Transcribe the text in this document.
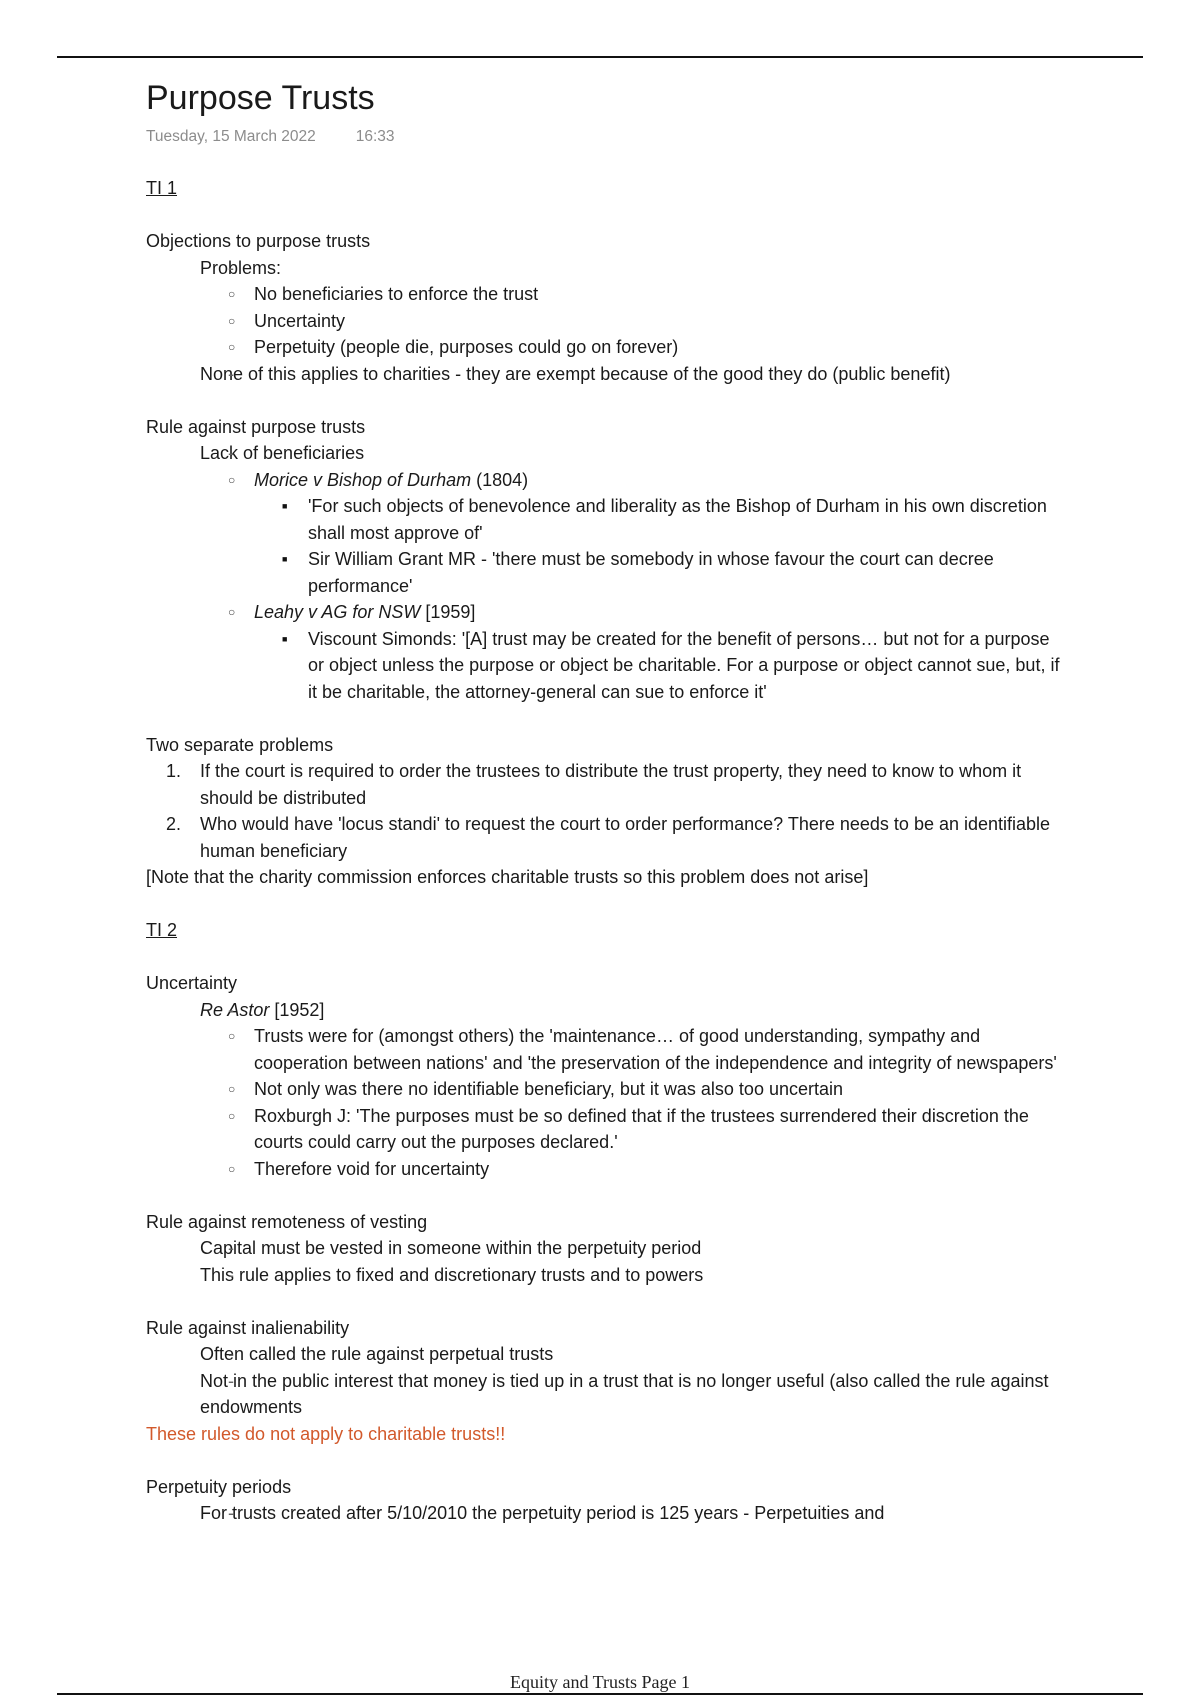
Purpose Trusts
Tuesday, 15 March 2022	16:33
TI 1
Objections to purpose trusts
- Problems:
○ No beneficiaries to enforce the trust
○ Uncertainty
○ Perpetuity (people die, purposes could go on forever)
- None of this applies to charities - they are exempt because of the good they do (public benefit)
Rule against purpose trusts
- Lack of beneficiaries
○ Morice v Bishop of Durham (1804)
■ 'For such objects of benevolence and liberality as the Bishop of Durham in his own discretion shall most approve of'
■ Sir William Grant MR - 'there must be somebody in whose favour the court can decree performance'
○ Leahy v AG for NSW [1959]
■ Viscount Simonds: '[A] trust may be created for the benefit of persons… but not for a purpose or object unless the purpose or object be charitable. For a purpose or object cannot sue, but, if it be charitable, the attorney-general can sue to enforce it'
Two separate problems
1. If the court is required to order the trustees to distribute the trust property, they need to know to whom it should be distributed
2. Who would have 'locus standi' to request the court to order performance? There needs to be an identifiable human beneficiary
[Note that the charity commission enforces charitable trusts so this problem does not arise]
TI 2
Uncertainty
- Re Astor [1952]
○ Trusts were for (amongst others) the 'maintenance… of good understanding, sympathy and cooperation between nations' and 'the preservation of the independence and integrity of newspapers'
○ Not only was there no identifiable beneficiary, but it was also too uncertain
○ Roxburgh J: 'The purposes must be so defined that if the trustees surrendered their discretion the courts could carry out the purposes declared.'
○ Therefore void for uncertainty
Rule against remoteness of vesting
- Capital must be vested in someone within the perpetuity period
- This rule applies to fixed and discretionary trusts and to powers
Rule against inalienability
- Often called the rule against perpetual trusts
- Not in the public interest that money is tied up in a trust that is no longer useful (also called the rule against endowments
These rules do not apply to charitable trusts!!
Perpetuity periods
- For trusts created after 5/10/2010 the perpetuity period is 125 years - Perpetuities and
Equity and Trusts Page 1
